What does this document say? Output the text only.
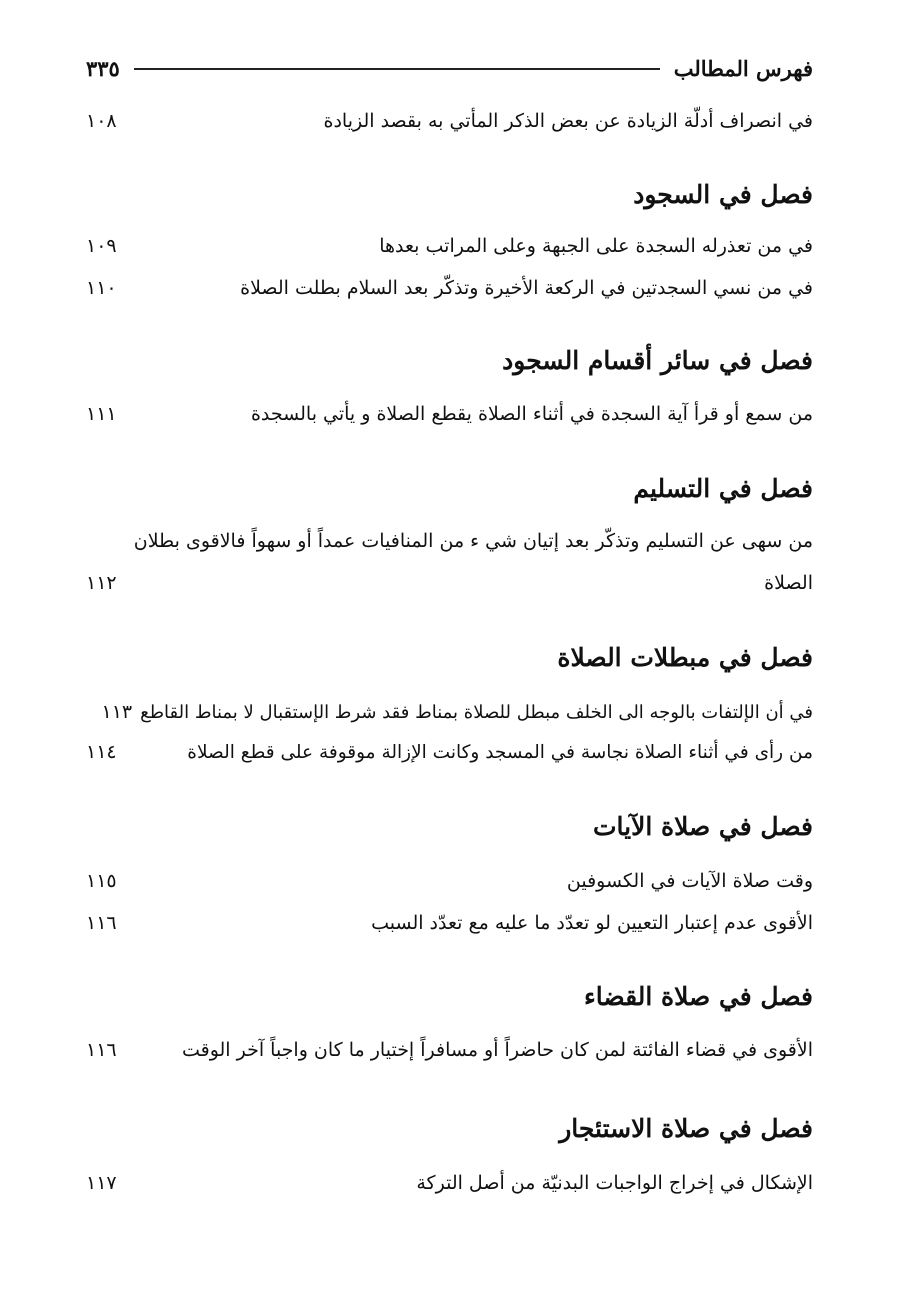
فهرس المطالب
٣٣٥
في انصراف أدلّة الزيادة عن بعض الذكر المأتي به بقصد الزيادة
١٠٨
فصل في السجود
في من تعذرله السجدة على الجبهة وعلى المراتب بعدها
١٠٩
في من نسي السجدتين في الركعة الأخيرة وتذكّر بعد السلام بطلت الصلاة
١١٠
فصل في سائر أقسام السجود
من سمع أو قرأ آية السجدة في أثناء الصلاة يقطع الصلاة و يأتي بالسجدة
١١١
فصل في التسليم
من سهى عن التسليم وتذكّر بعد إتيان شي ء من المنافيات عمداً أو سهواً فالاقوى بطلان
الصلاة
١١٢
فصل في مبطلات الصلاة
في أن الإلتفات بالوجه الى الخلف مبطل للصلاة بمناط فقد شرط الإستقبال لا بمناط القاطع
١١٣
من رأى في أثناء الصلاة نجاسة في المسجد وكانت الإزالة موقوفة على قطع الصلاة
١١٤
فصل في صلاة الآيات
وقت صلاة الآيات في الكسوفين
١١٥
الأقوى عدم إعتبار التعيين لو تعدّد ما عليه مع تعدّد السبب
١١٦
فصل في صلاة القضاء
الأقوى في قضاء الفائتة لمن كان حاضراً أو مسافراً إختيار ما كان واجباً آخر الوقت
١١٦
فصل في صلاة الاستئجار
الإشكال في إخراج الواجبات البدنيّة من أصل التركة
١١٧
